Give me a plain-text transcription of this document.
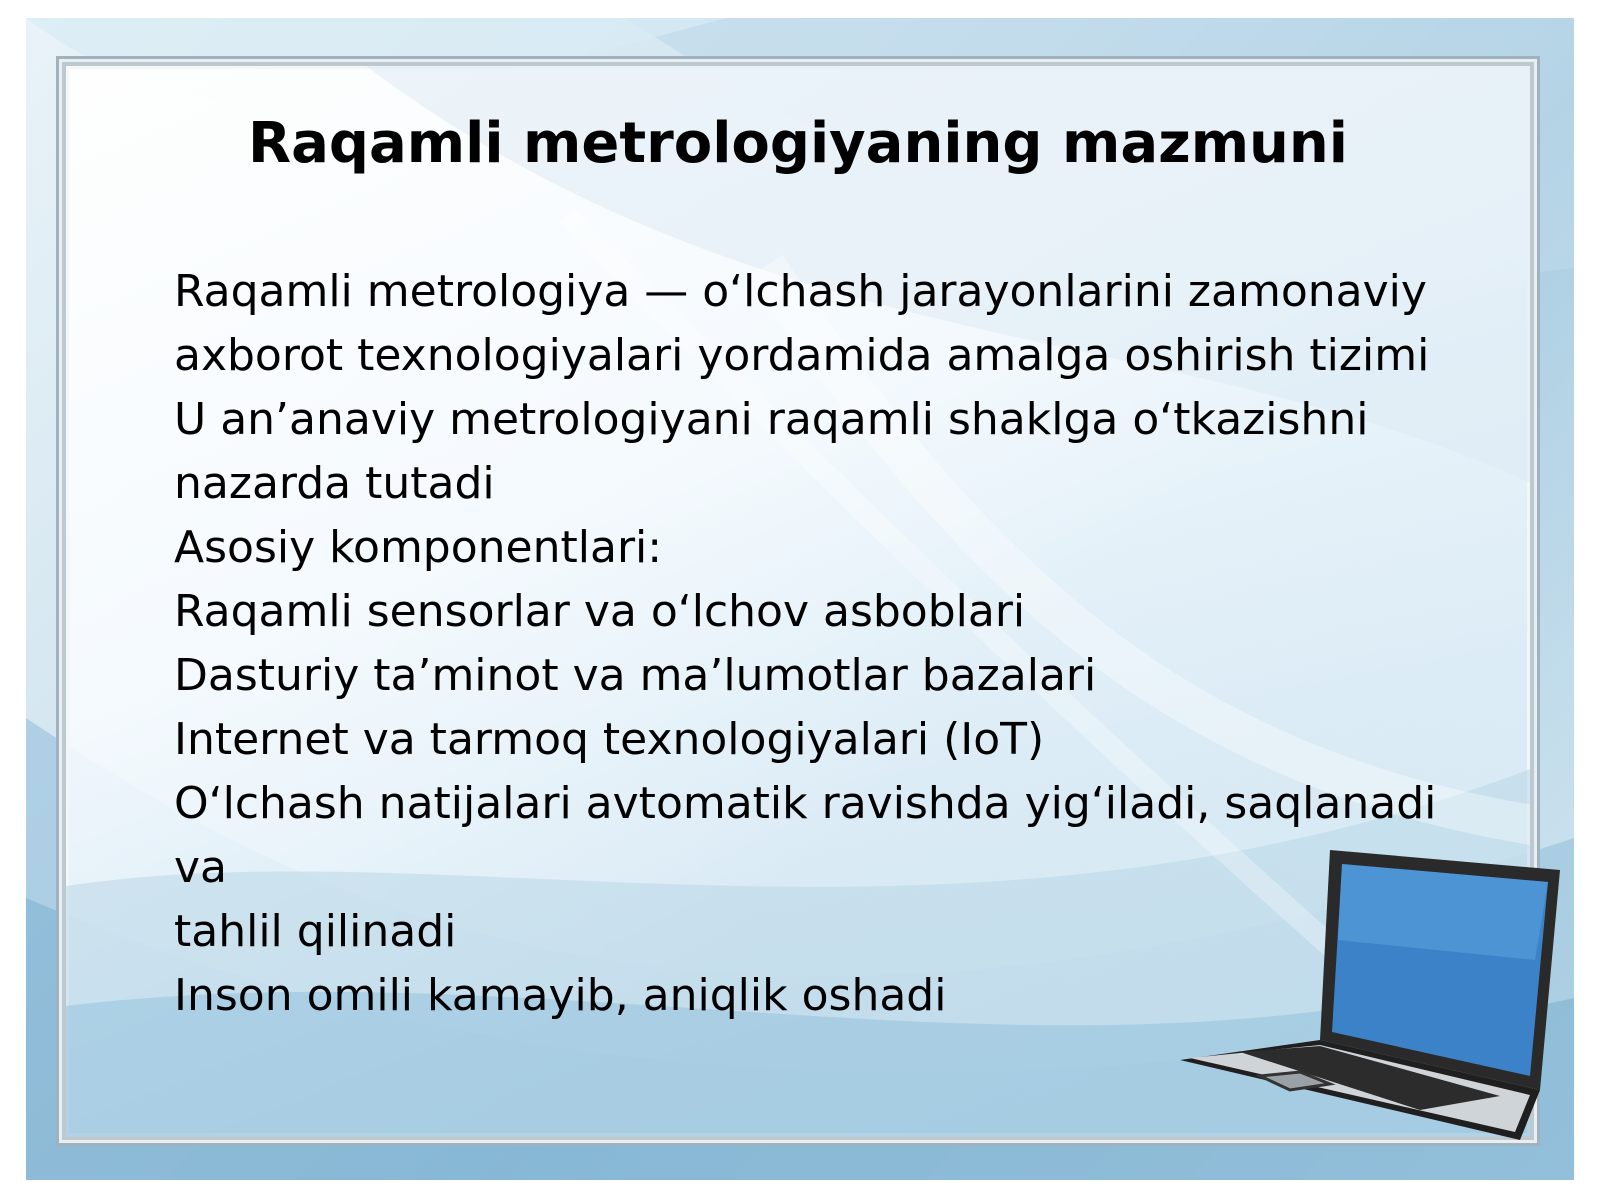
Raqamli metrologiyaning mazmuni
Raqamli metrologiya — o‘lchash jarayonlarini zamonaviy
axborot texnologiyalari yordamida amalga oshirish tizimi
U an’anaviy metrologiyani raqamli shaklga o‘tkazishni
nazarda tutadi
Asosiy komponentlari:
Raqamli sensorlar va o‘lchov asboblari
Dasturiy ta’minot va ma’lumotlar bazalari
Internet va tarmoq texnologiyalari (IoT)
O‘lchash natijalari avtomatik ravishda yig‘iladi, saqlanadi va
tahlil qilinadi
Inson omili kamayib, aniqlik oshadi
